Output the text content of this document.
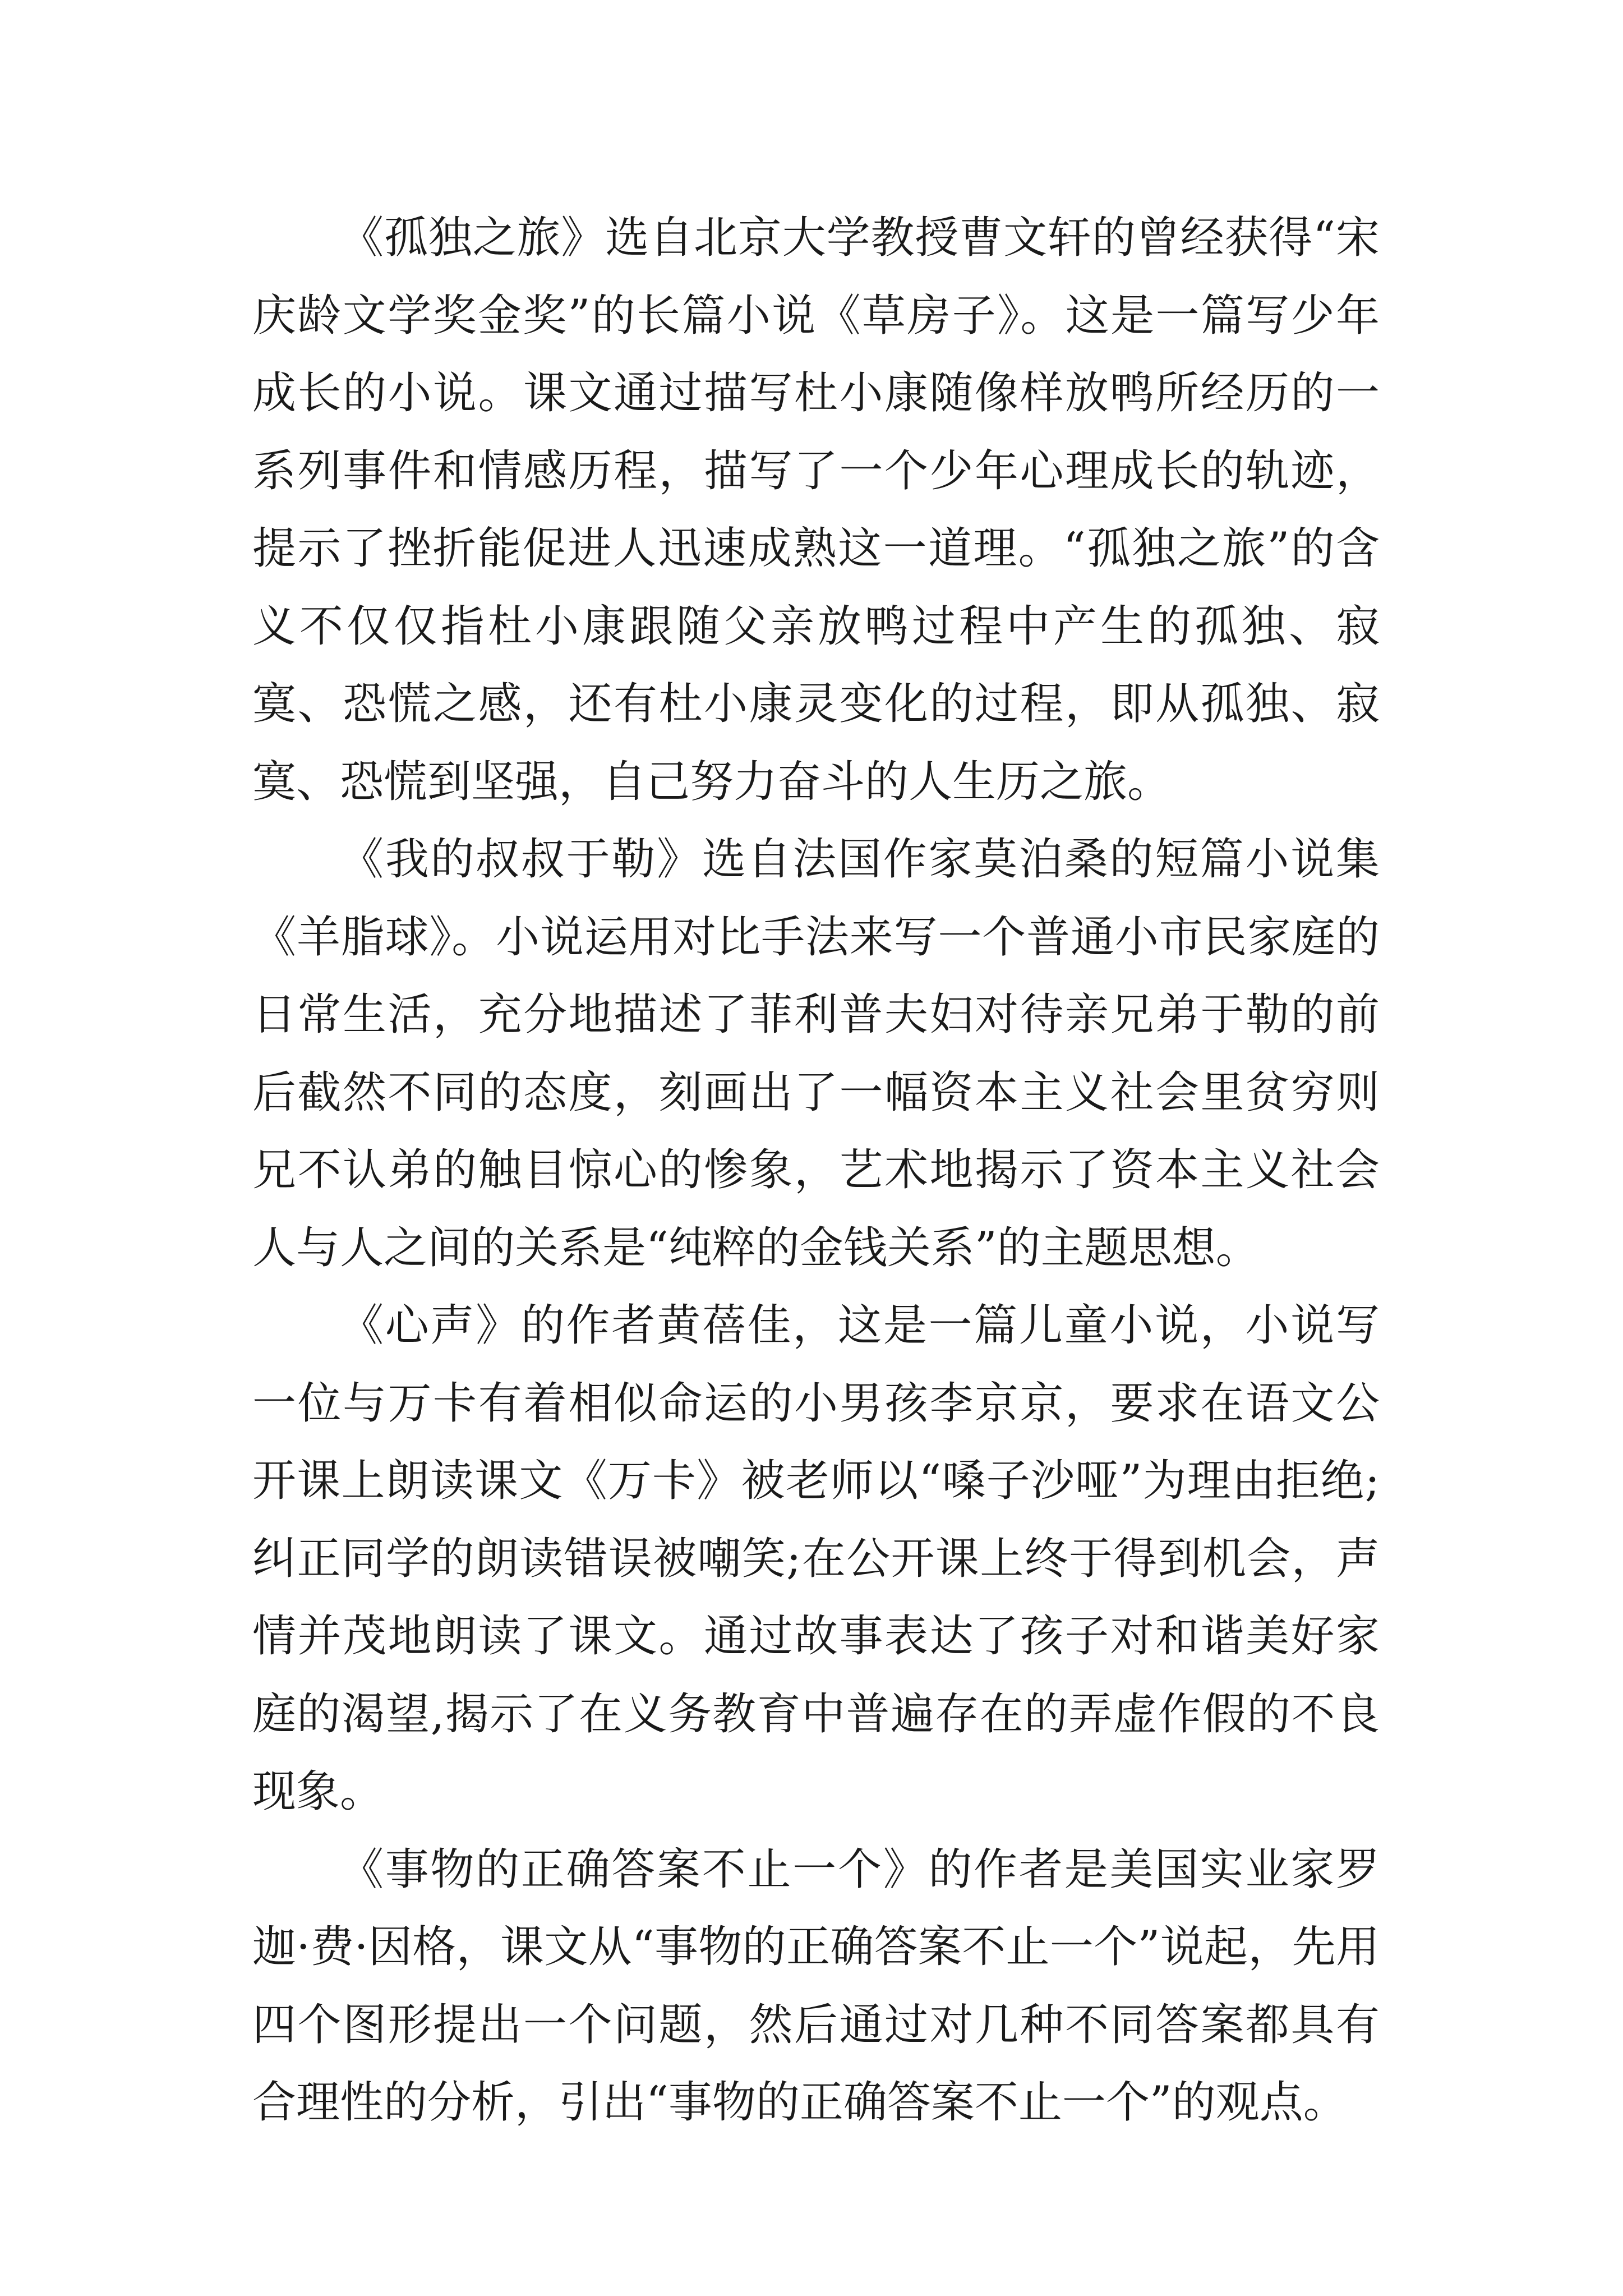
《孤独之旅》选自北京大学教授曹文轩的曾经获得“宋庆龄文学奖金奖”的长篇小说《草房子》。这是一篇写少年成长的小说。课文通过描写杜小康随像样放鸭所经历的一系列事件和情感历程，描写了一个少年心理成长的轨迹，提示了挫折能促进人迅速成熟这一道理。“孤独之旅”的含义不仅仅指杜小康跟随父亲放鸭过程中产生的孤独、寂寞、恐慌之感，还有杜小康灵变化的过程，即从孤独、寂寞、恐慌到坚强，自己努力奋斗的人生历之旅。

《我的叔叔于勒》选自法国作家莫泊桑的短篇小说集《羊脂球》。小说运用对比手法来写一个普通小市民家庭的日常生活，充分地描述了菲利普夫妇对待亲兄弟于勒的前后截然不同的态度，刻画出了一幅资本主义社会里贫穷则兄不认弟的触目惊心的惨象，艺术地揭示了资本主义社会人与人之间的关系是“纯粹的金钱关系”的主题思想。

《心声》的作者黄蓓佳，这是一篇儿童小说，小说写一位与万卡有着相似命运的小男孩李京京，要求在语文公开课上朗读课文《万卡》被老师以“嗓子沙哑”为理由拒绝;纠正同学的朗读错误被嘲笑;在公开课上终于得到机会，声情并茂地朗读了课文。通过故事表达了孩子对和谐美好家庭的渴望,揭示了在义务教育中普遍存在的弄虚作假的不良现象。

《事物的正确答案不止一个》的作者是美国实业家罗迦·费·因格，课文从“事物的正确答案不止一个”说起，先用四个图形提出一个问题，然后通过对几种不同答案都具有合理性的分析，引出“事物的正确答案不止一个”的观点。
